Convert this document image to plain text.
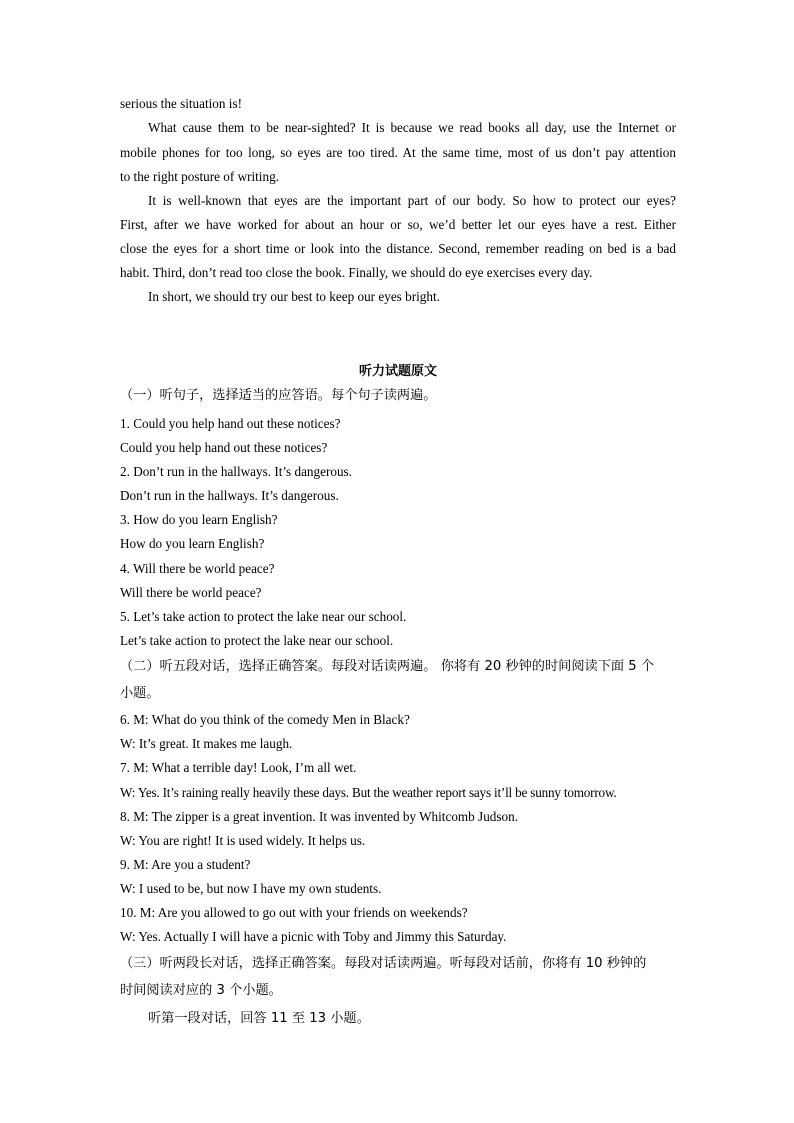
serious the situation is!
What cause them to be near-sighted? It is because we read books all day, use the Internet or
mobile phones for too long, so eyes are too tired. At the same time, most of us don’t pay attention
to the right posture of writing.
It is well-known that eyes are the important part of our body. So how to protect our eyes?
First, after we have worked for about an hour or so, we’d better let our eyes have a rest. Either
close the eyes for a short time or look into the distance. Second, remember reading on bed is a bad
habit. Third, don’t read too close the book. Finally, we should do eye exercises every day.
In short, we should try our best to keep our eyes bright.
听力试题原文
（一）听句子，选择适当的应答语。每个句子读两遍。
1. Could you help hand out these notices?
Could you help hand out these notices?
2. Don’t run in the hallways. It’s dangerous.
Don’t run in the hallways. It’s dangerous.
3. How do you learn English?
How do you learn English?
4. Will there be world peace?
Will there be world peace?
5. Let’s take action to protect the lake near our school.
Let’s take action to protect the lake near our school.
（二）听五段对话，选择正确答案。每段对话读两遍。 你将有 20 秒钟的时间阅读下面 5 个
小题。
6. M: What do you think of the comedy Men in Black?
W: It’s great. It makes me laugh.
7. M: What a terrible day! Look, I’m all wet.
W: Yes. It’s raining really heavily these days. But the weather report says it’ll be sunny tomorrow.
8. M: The zipper is a great invention. It was invented by Whitcomb Judson.
W: You are right! It is used widely. It helps us.
9. M: Are you a student?
W: I used to be, but now I have my own students.
10. M: Are you allowed to go out with your friends on weekends?
W: Yes. Actually I will have a picnic with Toby and Jimmy this Saturday.
（三）听两段长对话，选择正确答案。每段对话读两遍。听每段对话前，你将有 10 秒钟的
时间阅读对应的 3 个小题。
听第一段对话，回答 11 至 13 小题。
